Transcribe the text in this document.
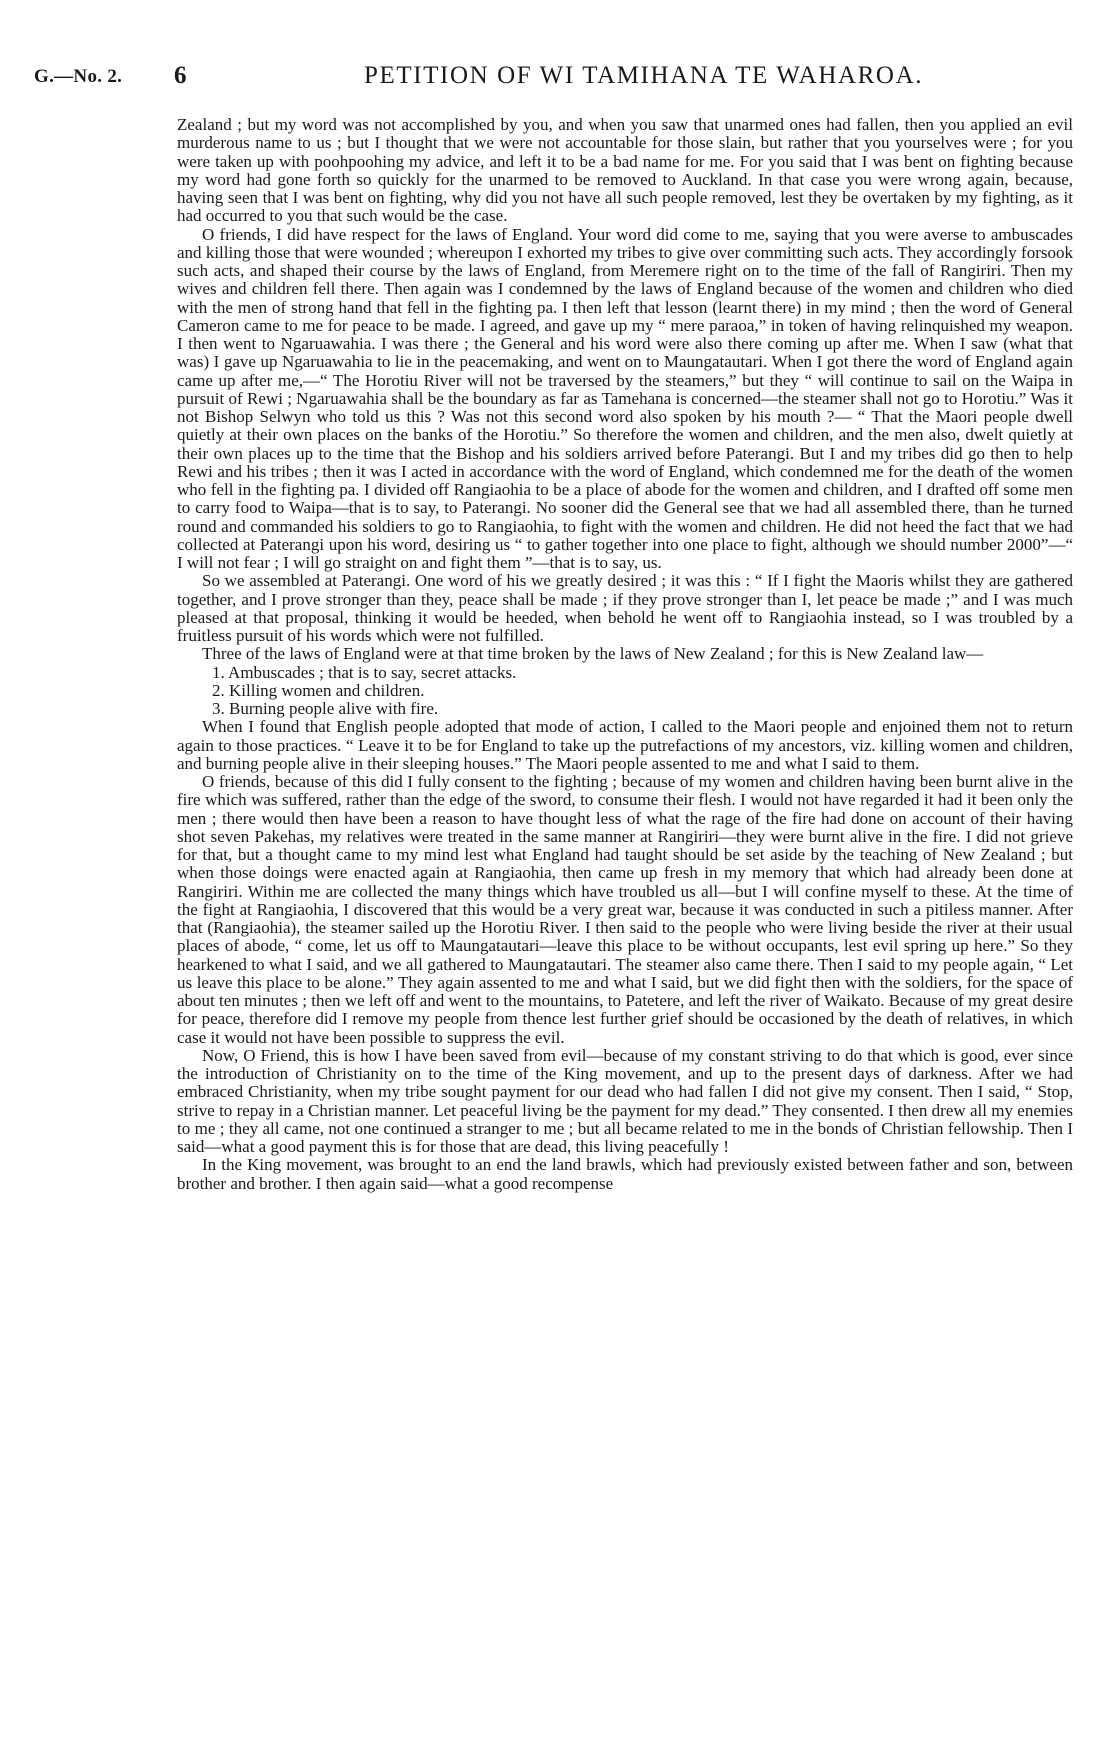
G.—No. 2. 6	PETITION OF WI TAMIHANA TE WAHAROA.

Zealand ; but my word was not accomplished by you, and when you saw that unarmed ones had fallen, then you applied an evil murderous name to us ; but I thought that we were not accountable for those slain, but rather that you yourselves were ; for you were taken up with poohpoohing my advice, and left it to be a bad name for me. For you said that I was bent on fighting because my word had gone forth so quickly for the unarmed to be removed to Auckland. In that case you were wrong again, because, having seen that I was bent on fighting, why did you not have all such people removed, lest they be overtaken by my fighting, as it had occurred to you that such would be the case.

O friends, I did have respect for the laws of England. Your word did come to me, saying that you were averse to ambuscades and killing those that were wounded ; whereupon I exhorted my tribes to give over committing such acts. They accordingly forsook such acts, and shaped their course by the laws of England, from Meremere right on to the time of the fall of Rangiriri. Then my wives and children fell there. Then again was I condemned by the laws of England because of the women and children who died with the men of strong hand that fell in the fighting pa. I then left that lesson (learnt there) in my mind ; then the word of General Cameron came to me for peace to be made. I agreed, and gave up my “ mere paraoa,” in token of having relinquished my weapon. I then went to Ngaruawahia. I was there ; the General and his word were also there coming up after me. When I saw (what that was) I gave up Ngaruawahia to lie in the peacemaking, and went on to Maungatautari. When I got there the word of England again came up after me,—“ The Horotiu River will not be traversed by the steamers,” but they “ will continue to sail on the Waipa in pursuit of Rewi ; Ngaruawahia shall be the boundary as far as Tamehana is concerned—the steamer shall not go to Horotiu.” Was it not Bishop Selwyn who told us this ? Was not this second word also spoken by his mouth ?— “ That the Maori people dwell quietly at their own places on the banks of the Horotiu.” So therefore the women and children, and the men also, dwelt quietly at their own places up to the time that the Bishop and his soldiers arrived before Paterangi. But I and my tribes did go then to help Rewi and his tribes ; then it was I acted in accordance with the word of England, which condemned me for the death of the women who fell in the fighting pa. I divided off Rangiaohia to be a place of abode for the women and children, and I drafted off some men to carry food to Waipa—that is to say, to Paterangi. No sooner did the General see that we had all assembled there, than he turned round and commanded his soldiers to go to Rangiaohia, to fight with the women and children. He did not heed the fact that we had collected at Paterangi upon his word, desiring us “ to gather together into one place to fight, although we should number 2000”—“ I will not fear ; I will go straight on and fight them ”—that is to say, us.

So we assembled at Paterangi. One word of his we greatly desired ; it was this : “ If I fight the Maoris whilst they are gathered together, and I prove stronger than they, peace shall be made ; if they prove stronger than I, let peace be made ;” and I was much pleased at that proposal, thinking it would be heeded, when behold he went off to Rangiaohia instead, so I was troubled by a fruitless pursuit of his words which were not fulfilled.

Three of the laws of England were at that time broken by the laws of New Zealand ; for this is New Zealand law—

1. Ambuscades ; that is to say, secret attacks.

2. Killing women and children.

3. Burning people alive with fire.

When I found that English people adopted that mode of action, I called to the Maori people and enjoined them not to return again to those practices. “ Leave it to be for England to take up the putrefactions of my ancestors, viz. killing women and children, and burning people alive in their sleeping houses.” The Maori people assented to me and what I said to them.

O friends, because of this did I fully consent to the fighting ; because of my women and children having been burnt alive in the fire which was suffered, rather than the edge of the sword, to consume their flesh. I would not have regarded it had it been only the men ; there would then have been a reason to have thought less of what the rage of the fire had done on account of their having shot seven Pakehas, my relatives were treated in the same manner at Rangiriri—they were burnt alive in the fire. I did not grieve for that, but a thought came to my mind lest what England had taught should be set aside by the teaching of New Zealand ; but when those doings were enacted again at Rangiaohia, then came up fresh in my memory that which had already been done at Rangiriri. Within me are collected the many things which have troubled us all—but I will confine myself to these. At the time of the fight at Rangiaohia, I discovered that this would be a very great war, because it was conducted in such a pitiless manner. After that (Rangiaohia), the steamer sailed up the Horotiu River. I then said to the people who were living beside the river at their usual places of abode, “ come, let us off to Maungatautari—leave this place to be without occupants, lest evil spring up here.” So they hearkened to what I said, and we all gathered to Maungatautari. The steamer also came there. Then I said to my people again, “ Let us leave this place to be alone.” They again assented to me and what I said, but we did fight then with the soldiers, for the space of about ten minutes ; then we left off and went to the mountains, to Patetere, and left the river of Waikato. Because of my great desire for peace, therefore did I remove my people from thence lest further grief should be occasioned by the death of relatives, in which case it would not have been possible to suppress the evil.

Now, O Friend, this is how I have been saved from evil—because of my constant striving to do that which is good, ever since the introduction of Christianity on to the time of the King movement, and up to the present days of darkness. After we had embraced Christianity, when my tribe sought payment for our dead who had fallen I did not give my consent. Then I said, “ Stop, strive to repay in a Christian manner. Let peaceful living be the payment for my dead.” They consented. I then drew all my enemies to me ; they all came, not one continued a stranger to me ; but all became related to me in the bonds of Christian fellowship. Then I said—what a good payment this is for those that are dead, this living peacefully !

In the King movement, was brought to an end the land brawls, which had previously existed between father and son, between brother and brother. I then again said—what a good recompense
